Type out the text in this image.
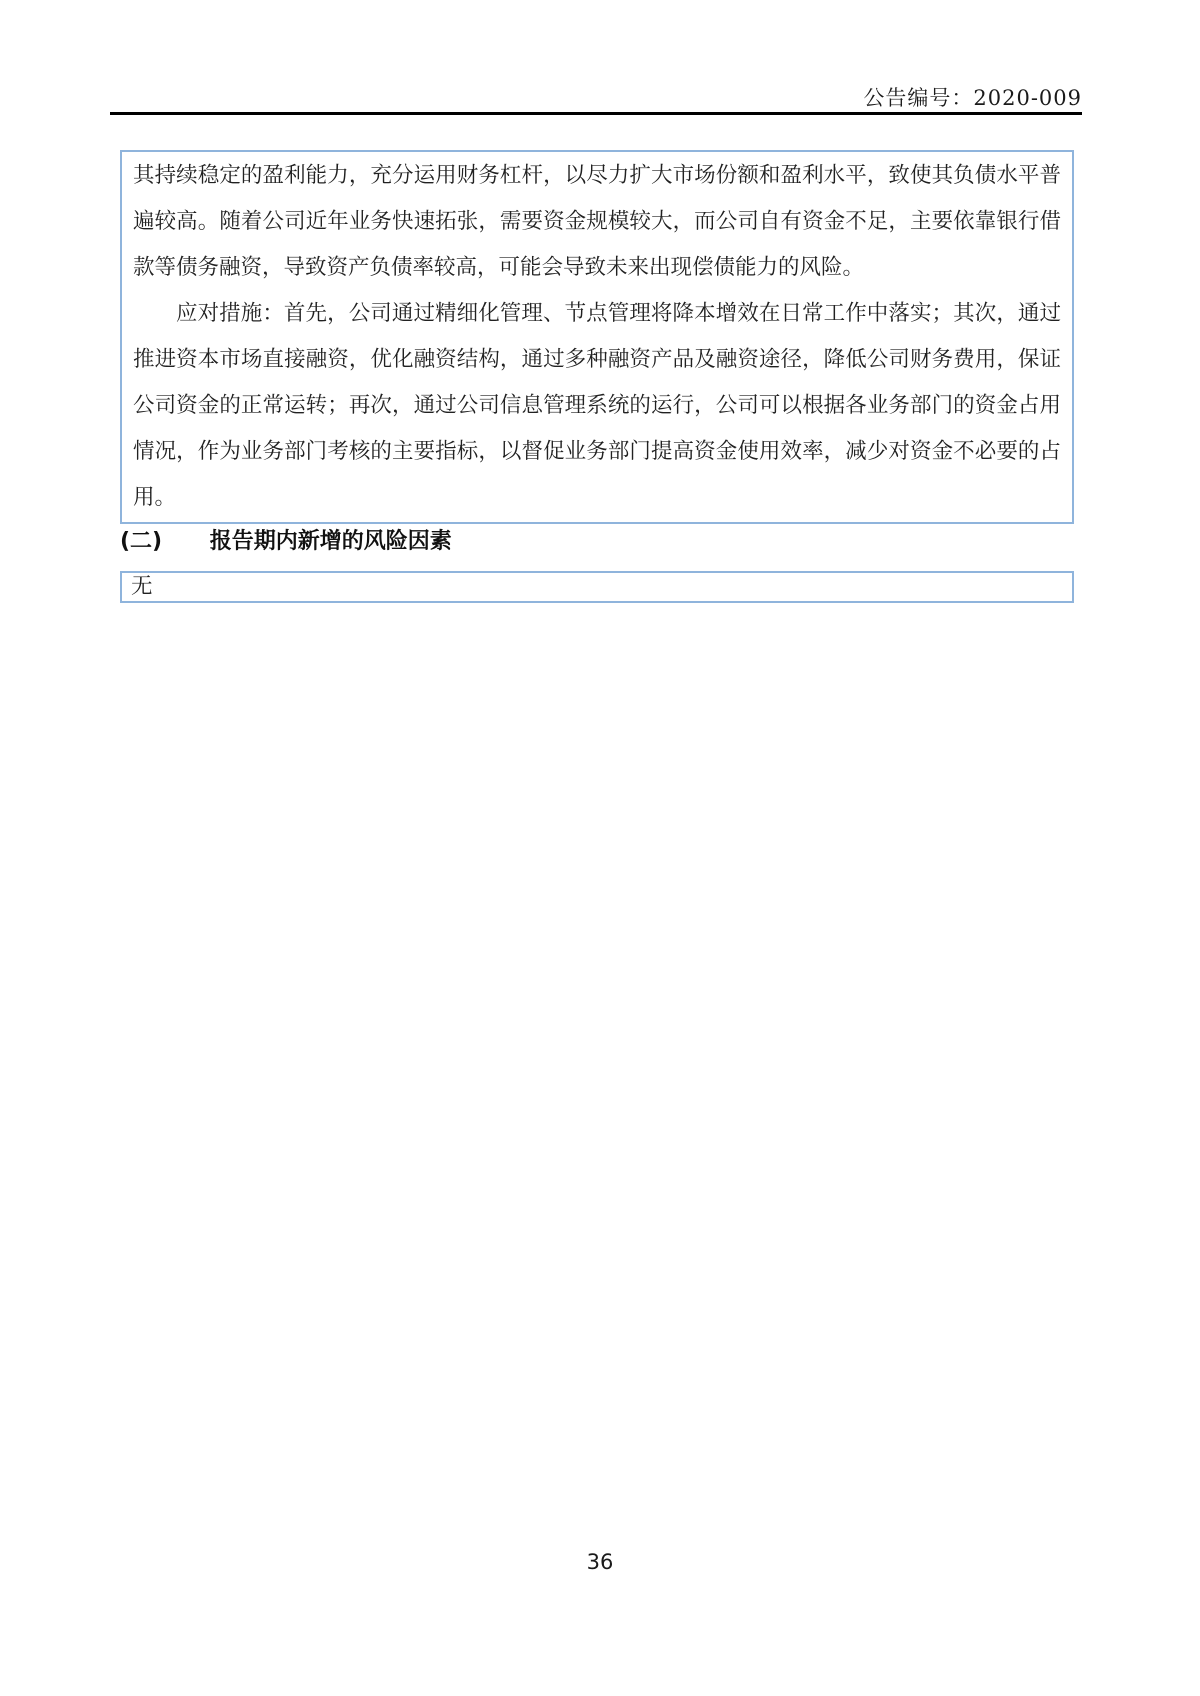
公告编号：2020-009

其持续稳定的盈利能力，充分运用财务杠杆，以尽力扩大市场份额和盈利水平，致使其负债水平普遍较高。随着公司近年业务快速拓张，需要资金规模较大，而公司自有资金不足，主要依靠银行借款等债务融资，导致资产负债率较高，可能会导致未来出现偿债能力的风险。

应对措施：首先，公司通过精细化管理、节点管理将降本增效在日常工作中落实；其次，通过推进资本市场直接融资，优化融资结构，通过多种融资产品及融资途径，降低公司财务费用，保证公司资金的正常运转；再次，通过公司信息管理系统的运行，公司可以根据各业务部门的资金占用情况，作为业务部门考核的主要指标，以督促业务部门提高资金使用效率，减少对资金不必要的占用。

(二) 报告期内新增的风险因素
无
36
